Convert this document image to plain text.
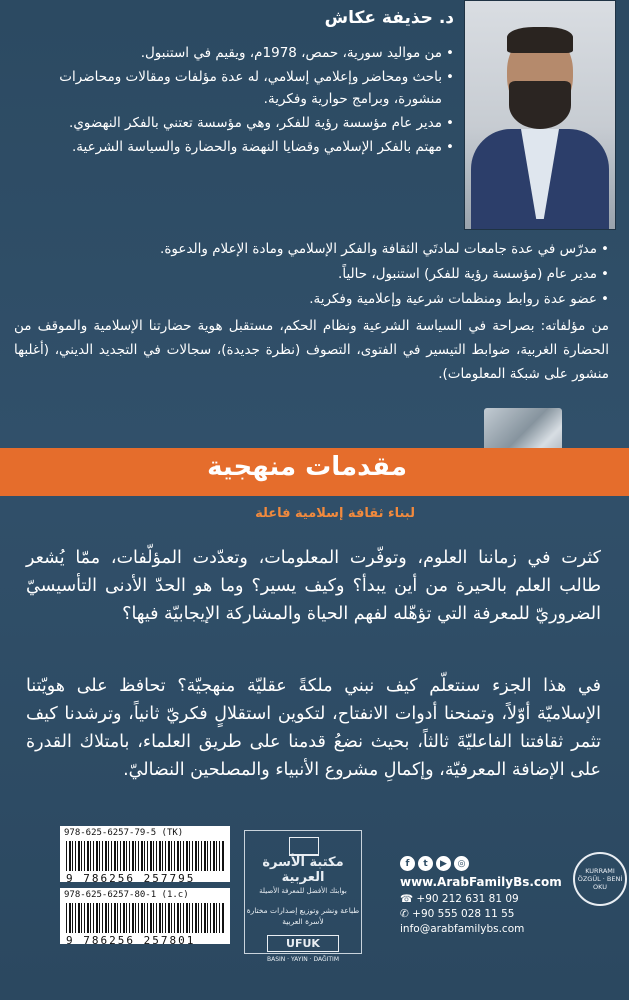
د. حذيفة عكاش
• من مواليد سورية، حمص، 1978م، ويقيم في استنبول.
• باحث ومحاضر وإعلامي إسلامي، له عدة مؤلفات ومقالات ومحاضرات منشورة، وبرامج حوارية وفكرية.
• مدير عام مؤسسة رؤية للفكر، وهي مؤسسة تعتني بالفكر النهضوي.
• مهتم بالفكر الإسلامي وقضايا النهضة والحضارة والسياسة الشرعية.
• مدرّس في عدة جامعات لمادتَي الثقافة والفكر الإسلامي ومادة الإعلام والدعوة.
• مدير عام (مؤسسة رؤية للفكر) استنبول، حالياً.
• عضو عدة روابط ومنظمات شرعية وإعلامية وفكرية.
من مؤلفاته: بصراحة في السياسة الشرعية ونظام الحكم، مستقبل هوية حضارتنا الإسلامية والموقف من الحضارة الغربية، ضوابط التيسير في الفتوى، التصوف (نظرة جديدة)، سجالات في التجديد الديني، (أغلبها منشور على شبكة المعلومات).
مقدمات منهجية
لبناء ثقافة إسلامية فاعلة
كثرت في زماننا العلوم، وتوفّرت المعلومات، وتعدّدت المؤلّفات، ممّا يُشعر طالب العلم بالحيرة من أين يبدأ؟ وكيف يسير؟ وما هو الحدّ الأدنى التأسيسيّ الضروريّ للمعرفة التي تؤهّله لفهم الحياة والمشاركة الإيجابيّة فيها؟
في هذا الجزء سنتعلّم كيف نبني ملكةً عقليّة منهجيّة؟ تحافظ على هويّتنا الإسلاميّة أوّلاً، وتمنحنا أدوات الانفتاح، لتكوين استقلالٍ فكريّ ثانياً، وترشدنا كيف تثمر ثقافتنا الفاعليّةَ ثالثاً، بحيث نضعُ قدمنا على طريق العلماء، بامتلاك القدرة على الإضافة المعرفيّة، وإكمالِ مشروع الأنبياء والمصلحين النضاليّ.
978-625-6257-79-5 (TK)
9 786256 257795
978-625-6257-80-1 (1.c)
9 786256 257801
مكتبة الأسرة العربية
بوابتك الأفضل للمعرفة الأصيلة
طباعة ونشر وتوزيع إصدارات مختارة لأسرة العربية
UFUK
BASIN · YAYIN · DAĞITIM
f	t	▶	◎
www.ArabFamilyBs.com
☎ +90 212 631 81 09
✆ +90 555 028 11 55
info@arabfamilybs.com
KURRAMI ÖZGÜL · BENİ OKU
